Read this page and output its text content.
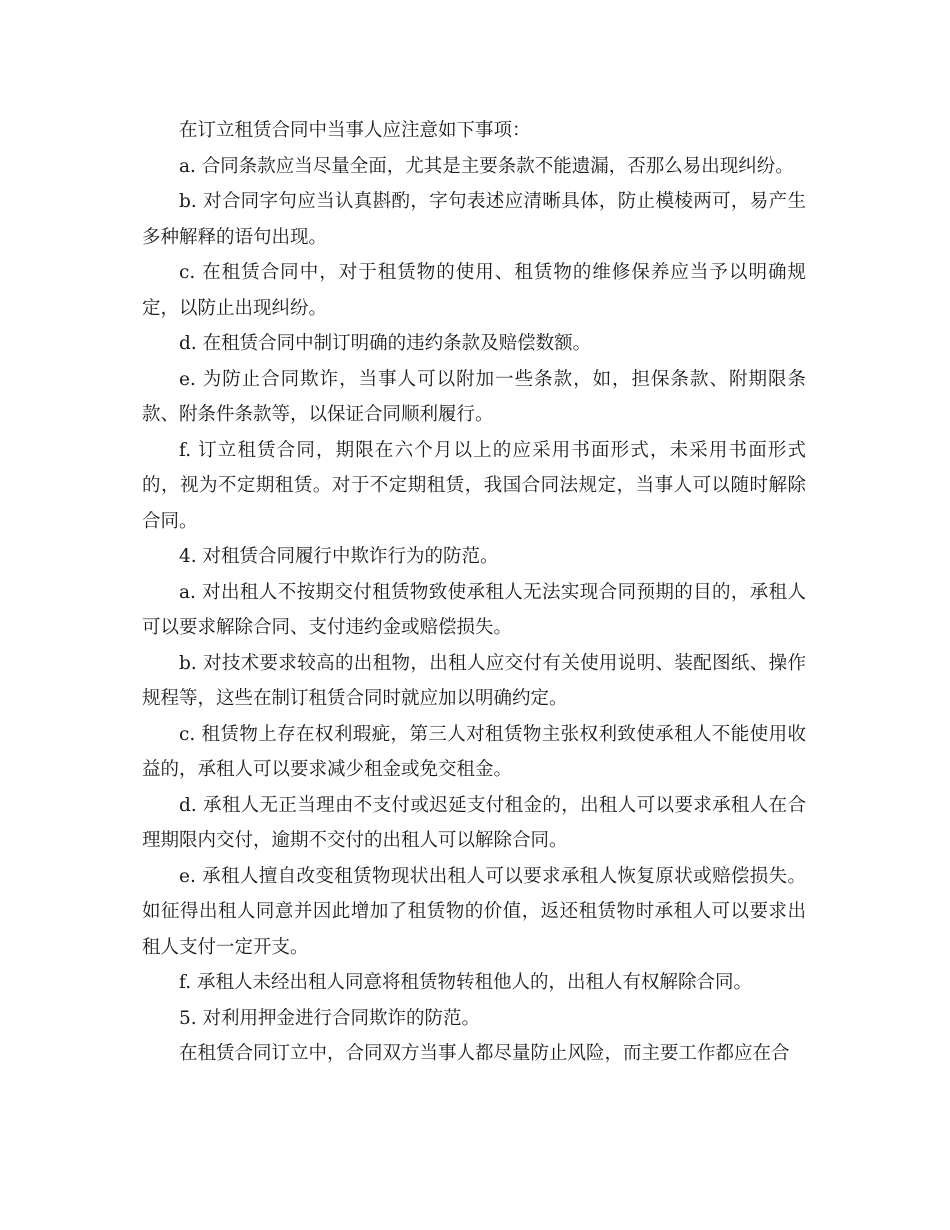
在订立租赁合同中当事人应注意如下事项：

a. 合同条款应当尽量全面，尤其是主要条款不能遗漏，否那么易出现纠纷。

b. 对合同字句应当认真斟酌，字句表述应清晰具体，防止模棱两可，易产生多种解释的语句出现。

c. 在租赁合同中，对于租赁物的使用、租赁物的维修保养应当予以明确规定，以防止出现纠纷。

d. 在租赁合同中制订明确的违约条款及赔偿数额。

e. 为防止合同欺诈，当事人可以附加一些条款，如，担保条款、附期限条款、附条件条款等，以保证合同顺利履行。

f. 订立租赁合同，期限在六个月以上的应采用书面形式，未采用书面形式的，视为不定期租赁。对于不定期租赁，我国合同法规定，当事人可以随时解除合同。

4. 对租赁合同履行中欺诈行为的防范。

a. 对出租人不按期交付租赁物致使承租人无法实现合同预期的目的，承租人可以要求解除合同、支付违约金或赔偿损失。

b. 对技术要求较高的出租物，出租人应交付有关使用说明、装配图纸、操作规程等，这些在制订租赁合同时就应加以明确约定。

c. 租赁物上存在权利瑕疵，第三人对租赁物主张权利致使承租人不能使用收益的，承租人可以要求减少租金或免交租金。

d. 承租人无正当理由不支付或迟延支付租金的，出租人可以要求承租人在合理期限内交付，逾期不交付的出租人可以解除合同。

e. 承租人擅自改变租赁物现状出租人可以要求承租人恢复原状或赔偿损失。如征得出租人同意并因此增加了租赁物的价值，返还租赁物时承租人可以要求出租人支付一定开支。

f. 承租人未经出租人同意将租赁物转租他人的，出租人有权解除合同。

5. 对利用押金进行合同欺诈的防范。

在租赁合同订立中，合同双方当事人都尽量防止风险，而主要工作都应在合
